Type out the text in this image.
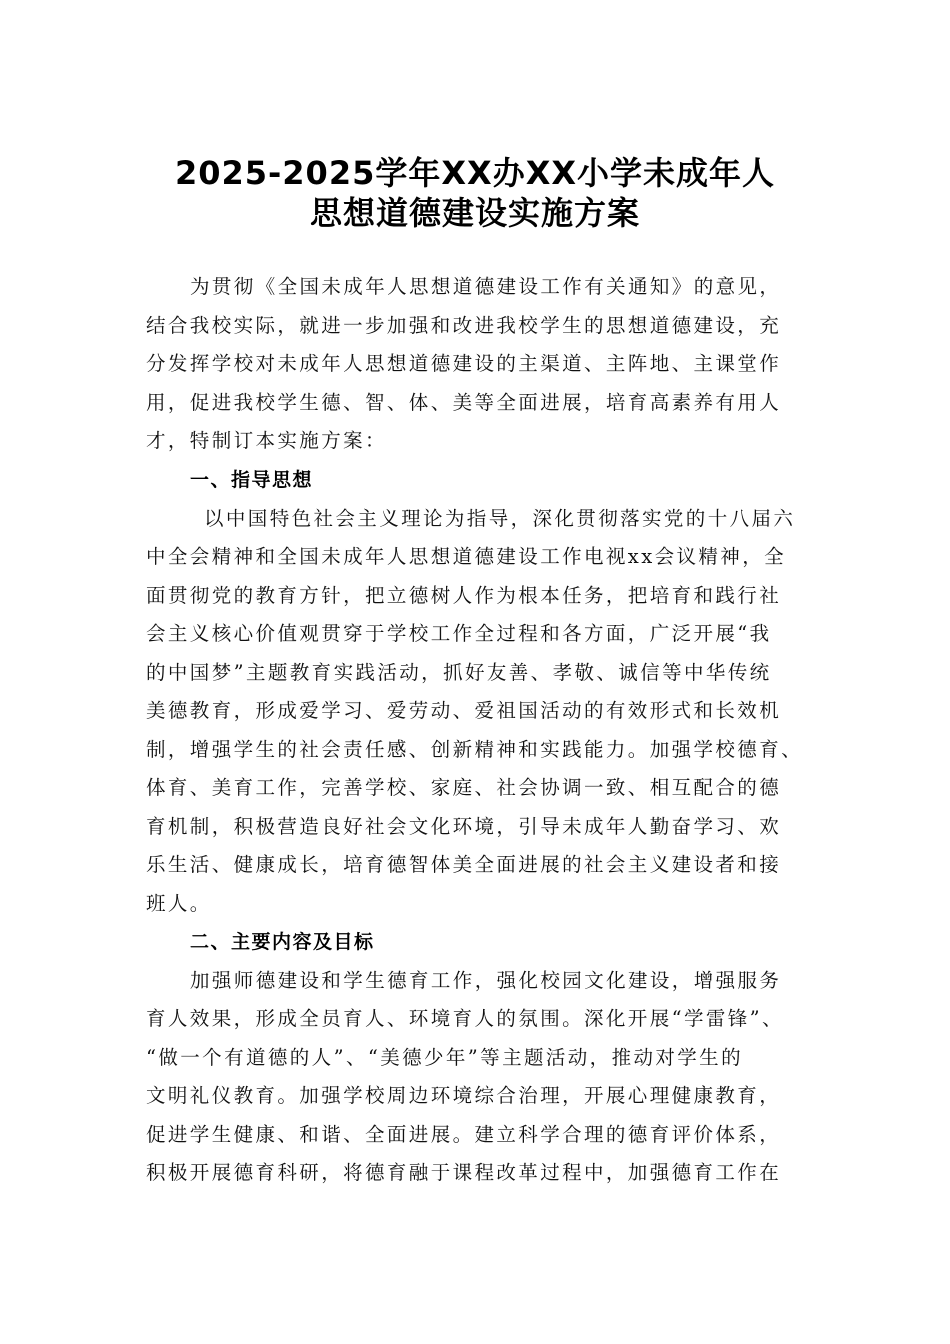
2025-2025学年XX办XX小学未成年人
思想道德建设实施方案
为贯彻《全国未成年人思想道德建设工作有关通知》的意见，
结合我校实际，就进一步加强和改进我校学生的思想道德建设，充
分发挥学校对未成年人思想道德建设的主渠道、主阵地、主课堂作
用，促进我校学生德、智、体、美等全面进展，培育高素养有用人
才，特制订本实施方案：
一、指导思想
以中国特色社会主义理论为指导，深化贯彻落实党的十八届六
中全会精神和全国未成年人思想道德建设工作电视xx会议精神，全
面贯彻党的教育方针，把立德树人作为根本任务，把培育和践行社
会主义核心价值观贯穿于学校工作全过程和各方面，广泛开展“我
的中国梦”主题教育实践活动，抓好友善、孝敬、诚信等中华传统
美德教育，形成爱学习、爱劳动、爱祖国活动的有效形式和长效机
制，增强学生的社会责任感、创新精神和实践能力。加强学校德育、
体育、美育工作，完善学校、家庭、社会协调一致、相互配合的德
育机制，积极营造良好社会文化环境，引导未成年人勤奋学习、欢
乐生活、健康成长，培育德智体美全面进展的社会主义建设者和接
班人。
二、主要内容及目标
加强师德建设和学生德育工作，强化校园文化建设，增强服务
育人效果，形成全员育人、环境育人的氛围。深化开展“学雷锋”、
“做一个有道德的人”、“美德少年”等主题活动，推动对学生的
文明礼仪教育。加强学校周边环境综合治理，开展心理健康教育，
促进学生健康、和谐、全面进展。建立科学合理的德育评价体系，
积极开展德育科研，将德育融于课程改革过程中，加强德育工作在
